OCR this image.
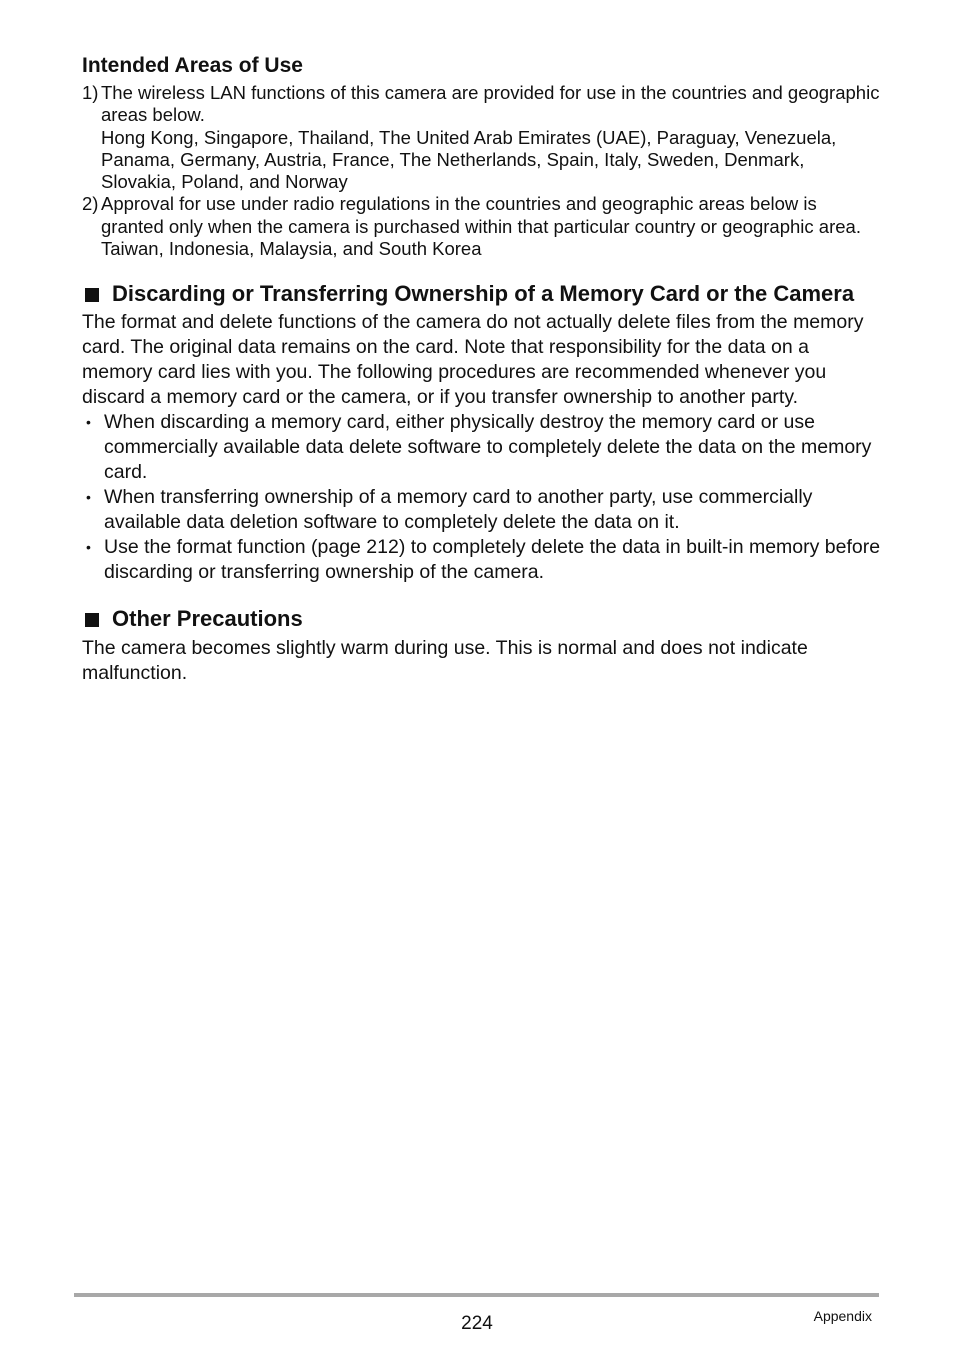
Intended Areas of Use
1) The wireless LAN functions of this camera are provided for use in the countries and geographic areas below.
Hong Kong, Singapore, Thailand, The United Arab Emirates (UAE), Paraguay, Venezuela, Panama, Germany, Austria, France, The Netherlands, Spain, Italy, Sweden, Denmark, Slovakia, Poland, and Norway
2) Approval for use under radio regulations in the countries and geographic areas below is granted only when the camera is purchased within that particular country or geographic area.
Taiwan, Indonesia, Malaysia, and South Korea
Discarding or Transferring Ownership of a Memory Card or the Camera

The format and delete functions of the camera do not actually delete files from the memory card. The original data remains on the card. Note that responsibility for the data on a memory card lies with you. The following procedures are recommended whenever you discard a memory card or the camera, or if you transfer ownership to another party.

• When discarding a memory card, either physically destroy the memory card or use commercially available data delete software to completely delete the data on the memory card.
• When transferring ownership of a memory card to another party, use commercially available data deletion software to completely delete the data on it.
• Use the format function (page 212) to completely delete the data in built-in memory before discarding or transferring ownership of the camera.
Other Precautions

The camera becomes slightly warm during use. This is normal and does not indicate malfunction.

224	Appendix
